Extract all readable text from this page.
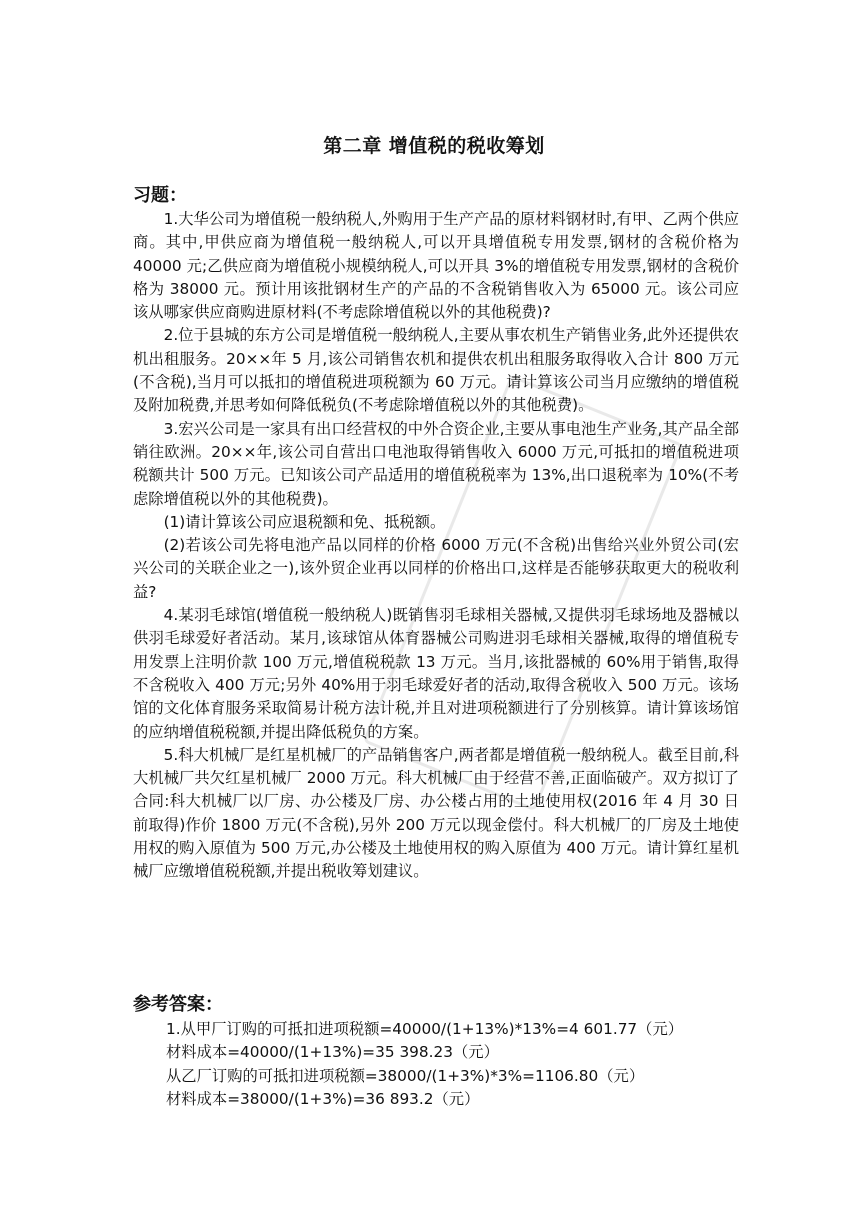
第二章 增值税的税收筹划
习题：

1.大华公司为增值税一般纳税人,外购用于生产产品的原材料钢材时,有甲、乙两个供应商。其中,甲供应商为增值税一般纳税人,可以开具增值税专用发票,钢材的含税价格为 40000 元;乙供应商为增值税小规模纳税人,可以开具 3%的增值税专用发票,钢材的含税价格为 38000 元。预计用该批钢材生产的产品的不含税销售收入为 65000 元。该公司应该从哪家供应商购进原材料(不考虑除增值税以外的其他税费)?

2.位于县城的东方公司是增值税一般纳税人,主要从事农机生产销售业务,此外还提供农机出租服务。20××年 5 月,该公司销售农机和提供农机出租服务取得收入合计 800 万元(不含税),当月可以抵扣的增值税进项税额为 60 万元。请计算该公司当月应缴纳的增值税及附加税费,并思考如何降低税负(不考虑除增值税以外的其他税费)。

3.宏兴公司是一家具有出口经营权的中外合资企业,主要从事电池生产业务,其产品全部销往欧洲。20××年,该公司自营出口电池取得销售收入 6000 万元,可抵扣的增值税进项税额共计 500 万元。已知该公司产品适用的增值税税率为 13%,出口退税率为 10%(不考虑除增值税以外的其他税费)。

(1)请计算该公司应退税额和免、抵税额。

(2)若该公司先将电池产品以同样的价格 6000 万元(不含税)出售给兴业外贸公司(宏兴公司的关联企业之一),该外贸企业再以同样的价格出口,这样是否能够获取更大的税收利益?

4.某羽毛球馆(增值税一般纳税人)既销售羽毛球相关器械,又提供羽毛球场地及器械以供羽毛球爱好者活动。某月,该球馆从体育器械公司购进羽毛球相关器械,取得的增值税专用发票上注明价款 100 万元,增值税税款 13 万元。当月,该批器械的 60%用于销售,取得不含税收入 400 万元;另外 40%用于羽毛球爱好者的活动,取得含税收入 500 万元。该场馆的文化体育服务采取简易计税方法计税,并且对进项税额进行了分别核算。请计算该场馆的应纳增值税税额,并提出降低税负的方案。

5.科大机械厂是红星机械厂的产品销售客户,两者都是增值税一般纳税人。截至目前,科大机械厂共欠红星机械厂 2000 万元。科大机械厂由于经营不善,正面临破产。双方拟订了合同:科大机械厂以厂房、办公楼及厂房、办公楼占用的土地使用权(2016 年 4 月 30 日前取得)作价 1800 万元(不含税),另外 200 万元以现金偿付。科大机械厂的厂房及土地使用权的购入原值为 500 万元,办公楼及土地使用权的购入原值为 400 万元。请计算红星机械厂应缴增值税税额,并提出税收筹划建议。

参考答案：
1.从甲厂订购的可抵扣进项税额=40000/(1+13%)*13%=4 601.77（元）
材料成本=40000/(1+13%)=35 398.23（元）
从乙厂订购的可抵扣进项税额=38000/(1+3%)*3%=1106.80（元）
材料成本=38000/(1+3%)=36 893.2（元）
